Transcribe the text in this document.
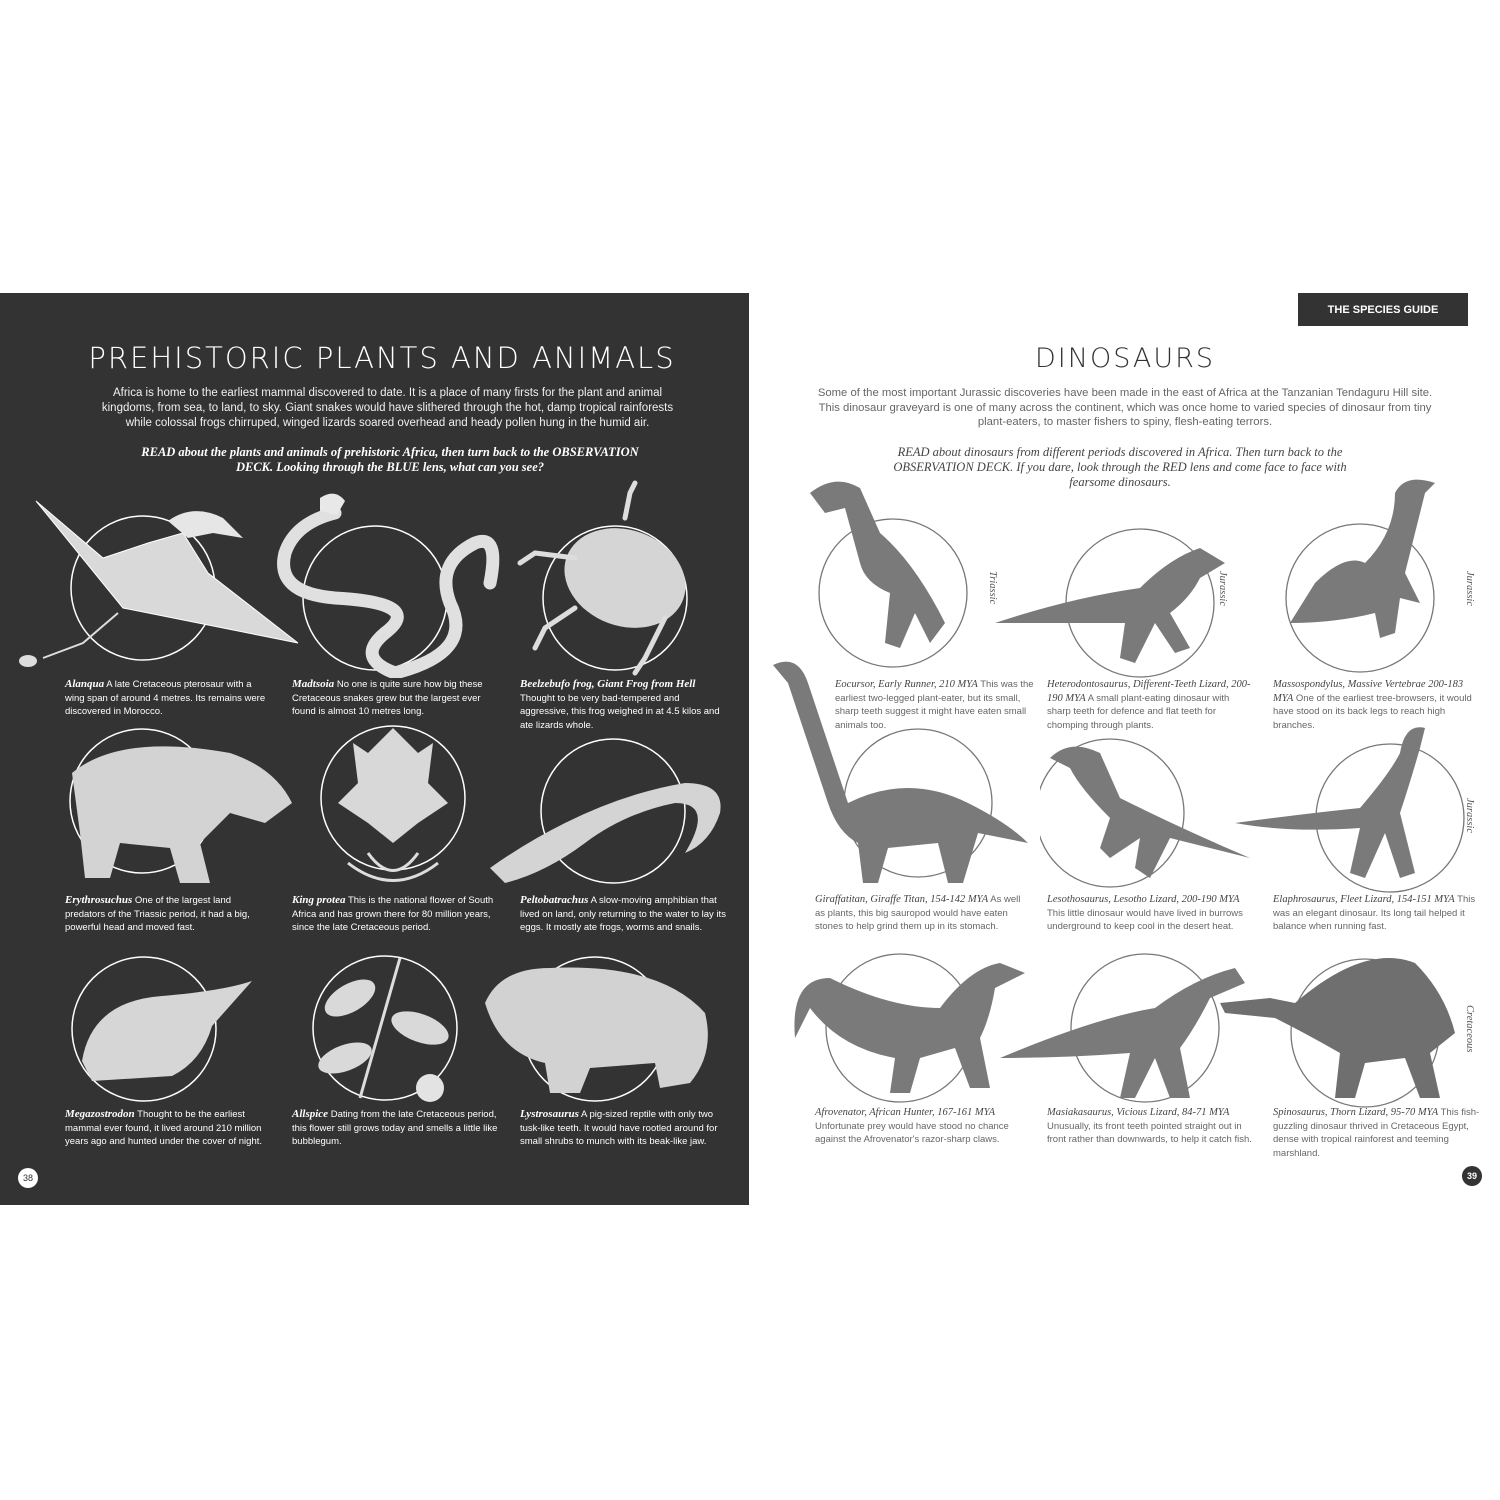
PREHISTORIC PLANTS AND ANIMALS
Africa is home to the earliest mammal discovered to date. It is a place of many firsts for the plant and animal kingdoms, from sea, to land, to sky. Giant snakes would have slithered through the hot, damp tropical rainforests while colossal frogs chirruped, winged lizards soared overhead and heady pollen hung in the humid air.
READ about the plants and animals of prehistoric Africa, then turn back to the OBSERVATION DECK. Looking through the BLUE lens, what can you see?
Alanqua A late Cretaceous pterosaur with a wing span of around 4 metres. Its remains were discovered in Morocco.
Madtsoia No one is quite sure how big these Cretaceous snakes grew but the largest ever found is almost 10 metres long.
Beelzebufo frog, Giant Frog from Hell Thought to be very bad-tempered and aggressive, this frog weighed in at 4.5 kilos and ate lizards whole.
Erythrosuchus One of the largest land predators of the Triassic period, it had a big, powerful head and moved fast.
King protea This is the national flower of South Africa and has grown there for 80 million years, since the late Cretaceous period.
Peltobatrachus A slow-moving amphibian that lived on land, only returning to the water to lay its eggs. It mostly ate frogs, worms and snails.
Megazostrodon Thought to be the earliest mammal ever found, it lived around 210 million years ago and hunted under the cover of night.
Allspice Dating from the late Cretaceous period, this flower still grows today and smells a little like bubblegum.
Lystrosaurus A pig-sized reptile with only two tusk-like teeth. It would have rootled around for small shrubs to munch with its beak-like jaw.
38
THE SPECIES GUIDE
DINOSAURS
Some of the most important Jurassic discoveries have been made in the east of Africa at the Tanzanian Tendaguru Hill site. This dinosaur graveyard is one of many across the continent, which was once home to varied species of dinosaur from tiny plant-eaters, to master fishers to spiny, flesh-eating terrors.
READ about dinosaurs from different periods discovered in Africa. Then turn back to the OBSERVATION DECK. If you dare, look through the RED lens and come face to face with fearsome dinosaurs.
Triassic	Jurassic	Jurassic
Jurassic
Cretaceous
Eocursor, Early Runner, 210 MYA This was the earliest two-legged plant-eater, but its small, sharp teeth suggest it might have eaten small animals too.
Heterodontosaurus, Different-Teeth Lizard, 200-190 MYA A small plant-eating dinosaur with sharp teeth for defence and flat teeth for chomping through plants.
Massospondylus, Massive Vertebrae 200-183 MYA One of the earliest tree-browsers, it would have stood on its back legs to reach high branches.
Giraffatitan, Giraffe Titan, 154-142 MYA As well as plants, this big sauropod would have eaten stones to help grind them up in its stomach.
Lesothosaurus, Lesotho Lizard, 200-190 MYA This little dinosaur would have lived in burrows underground to keep cool in the desert heat.
Elaphrosaurus, Fleet Lizard, 154-151 MYA This was an elegant dinosaur. Its long tail helped it balance when running fast.
Afrovenator, African Hunter, 167-161 MYA Unfortunate prey would have stood no chance against the Afrovenator's razor-sharp claws.
Masiakasaurus, Vicious Lizard, 84-71 MYA Unusually, its front teeth pointed straight out in front rather than downwards, to help it catch fish.
Spinosaurus, Thorn Lizard, 95-70 MYA This fish-guzzling dinosaur thrived in Cretaceous Egypt, dense with tropical rainforest and teeming marshland.
39
